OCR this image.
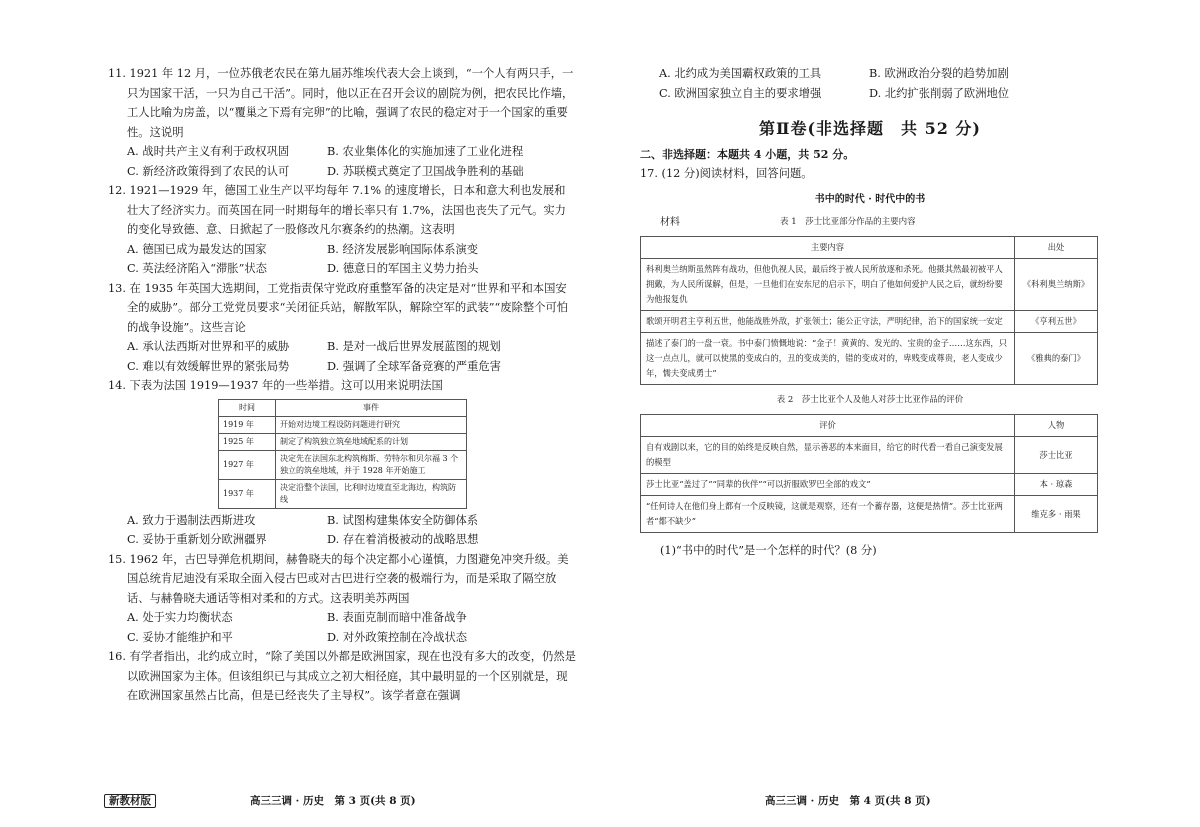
11. 1921 年 12 月，一位苏俄老农民在第九届苏维埃代表大会上谈到，“一个人有两只手，一只为国家干活，一只为自己干活”。同时，他以正在召开会议的剧院为例，把农民比作墙，工人比喻为房盖，以“覆巢之下焉有完卵”的比喻，强调了农民的稳定对于一个国家的重要性。这说明

A. 战时共产主义有利于政权巩固	B. 农业集体化的实施加速了工业化进程
C. 新经济政策得到了农民的认可	D. 苏联模式奠定了卫国战争胜利的基础

12. 1921—1929 年，德国工业生产以平均每年 7.1% 的速度增长，日本和意大利也发展和壮大了经济实力。而英国在同一时期每年的增长率只有 1.7%，法国也丧失了元气。实力的变化导致德、意、日掀起了一股修改凡尔赛条约的热潮。这表明

A. 德国已成为最发达的国家	B. 经济发展影响国际体系演变
C. 英法经济陷入“滞胀”状态	D. 德意日的军国主义势力抬头

13. 在 1935 年英国大选期间，工党指责保守党政府重整军备的决定是对“世界和平和本国安全的威胁”。部分工党党员要求“关闭征兵站，解散军队，解除空军的武装”“废除整个可怕的战争设施”。这些言论

A. 承认法西斯对世界和平的威胁	B. 是对一战后世界发展蓝图的规划
C. 难以有效缓解世界的紧张局势	D. 强调了全球军备竞赛的严重危害

14. 下表为法国 1919—1937 年的一些举措。这可以用来说明法国

时间	事件
1919 年	开始对边境工程设防问题进行研究
1925 年	制定了构筑独立筑垒地域配系的计划
1927 年	决定先在法国东北构筑梅斯、劳特尔和贝尔福 3 个独立的筑垒地域，并于 1928 年开始施工
1937 年	决定沿整个法国，比利时边境直至北海边，构筑防线
A. 致力于遏制法西斯进攻	B. 试图构建集体安全防御体系
C. 妥协于重新划分欧洲疆界	D. 存在着消极被动的战略思想

15. 1962 年，古巴导弹危机期间，赫鲁晓夫的每个决定都小心谨慎，力图避免冲突升级。美国总统肯尼迪没有采取全面入侵古巴或对古巴进行空袭的极端行为，而是采取了隔空放话、与赫鲁晓夫通话等相对柔和的方式。这表明美苏两国

A. 处于实力均衡状态	B. 表面克制而暗中准备战争
C. 妥协才能维护和平	D. 对外政策控制在冷战状态

16. 有学者指出，北约成立时，“除了美国以外都是欧洲国家，现在也没有多大的改变，仍然是以欧洲国家为主体。但该组织已与其成立之初大相径庭，其中最明显的一个区别就是，现在欧洲国家虽然占比高，但是已经丧失了主导权”。该学者意在强调

新教材版	高三三调 · 历史　第 3 页(共 8 页)
A. 北约成为美国霸权政策的工具	B. 欧洲政治分裂的趋势加剧
C. 欧洲国家独立自主的要求增强	D. 北约扩张削弱了欧洲地位
第Ⅱ卷(非选择题　共 52 分)

二、非选择题：本题共 4 小题，共 52 分。

17. (12 分)阅读材料，回答问题。

书中的时代 · 时代中的书
材料	表 1　莎士比亚部分作品的主要内容
主要内容	出处
科利奥兰纳斯虽然阵有战功，但他仇视人民，最后终于被人民所放逐和杀死。他摄其然最初被平人拥戴，为人民所谋解，但是，一旦他们在安东尼的启示下，明白了他如何爱护人民之后，就纷纷要为他报复仇	《科利奥兰纳斯》
歌颂开明君主亨利五世，他能战胜外敌，扩张领土；能公正守法，严明纪律，治下的国家统一安定	《亨利五世》
描述了泰门的一盘一衰。书中泰门愤慨地说：“金子！黄黄的、发光的、宝贵的金子……这东西，只这一点点儿，就可以使黑的变成白的，丑的变成美的，错的变成对的，卑贱变成尊贵，老人变成少年，懦夫变成勇士”	《雅典的泰门》
表 2　莎士比亚个人及他人对莎士比亚作品的评价
评价	人物
自有戏剧以来，它的目的始终是反映自然，显示善恶的本来面目，给它的时代看一看自己演变发展的模型	莎士比亚
莎士比亚“盖过了”“同辈的伙伴”“可以折服欧罗巴全部的戏文”	本 · 琼森
“任何诗人在他们身上都有一个反映镜，这就是观察，还有一个蓄存器，这便是热情”。莎士比亚两者“都不缺少”	维克多 · 雨果

(1)“书中的时代”是一个怎样的时代？(8 分)

高三三调 · 历史　第 4 页(共 8 页)
